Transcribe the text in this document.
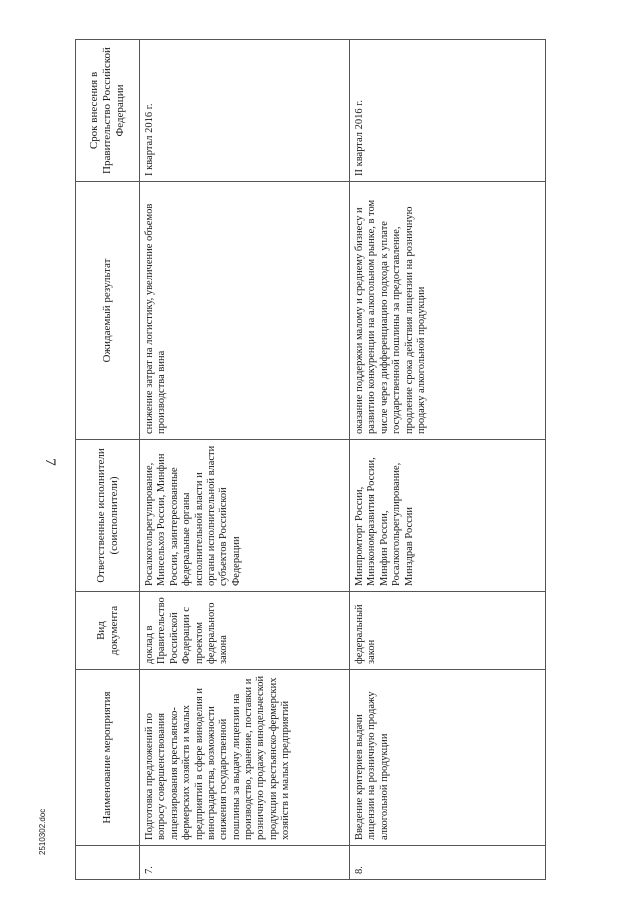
7
2510302.doc
	Наименование мероприятия	Вид документа	Ответственные исполнители (соисполнители)	Ожидаемый результат	Срок внесения в Правительство Российской Федерации
7.	Подготовка предложений по вопросу совершенствования лицензирования крестьянско-фермерских хозяйств и малых предприятий в сфере виноделия и виноградарства, возможности снижения государственной пошлины за выдачу лицензии на производство, хранение, поставки и розничную продажу винодельческой продукции крестьянско-фермерских хозяйств и малых предприятий	доклад в Правительство Российской Федерации с проектом федерального закона	Росалкогольрегулирование, Минсельхоз России, Минфин России, заинтересованные федеральные органы исполнительной власти и органы исполнительной власти субъектов Российской Федерации	снижение затрат на логистику, увеличение объемов производства вина	I квартал 2016 г.
8.	Введение критериев выдачи лицензии на розничную продажу алкогольной продукции	федеральный закон	Минпромторг России, Минэкономразвития России, Минфин России, Росалкогольрегулирование, Минздрав России	оказание поддержки малому и среднему бизнесу и развитию конкуренции на алкогольном рынке, в том числе через дифференциацию подхода к уплате государственной пошлины за предоставление, продление срока действия лицензии на розничную продажу алкогольной продукции	II квартал 2016 г.
